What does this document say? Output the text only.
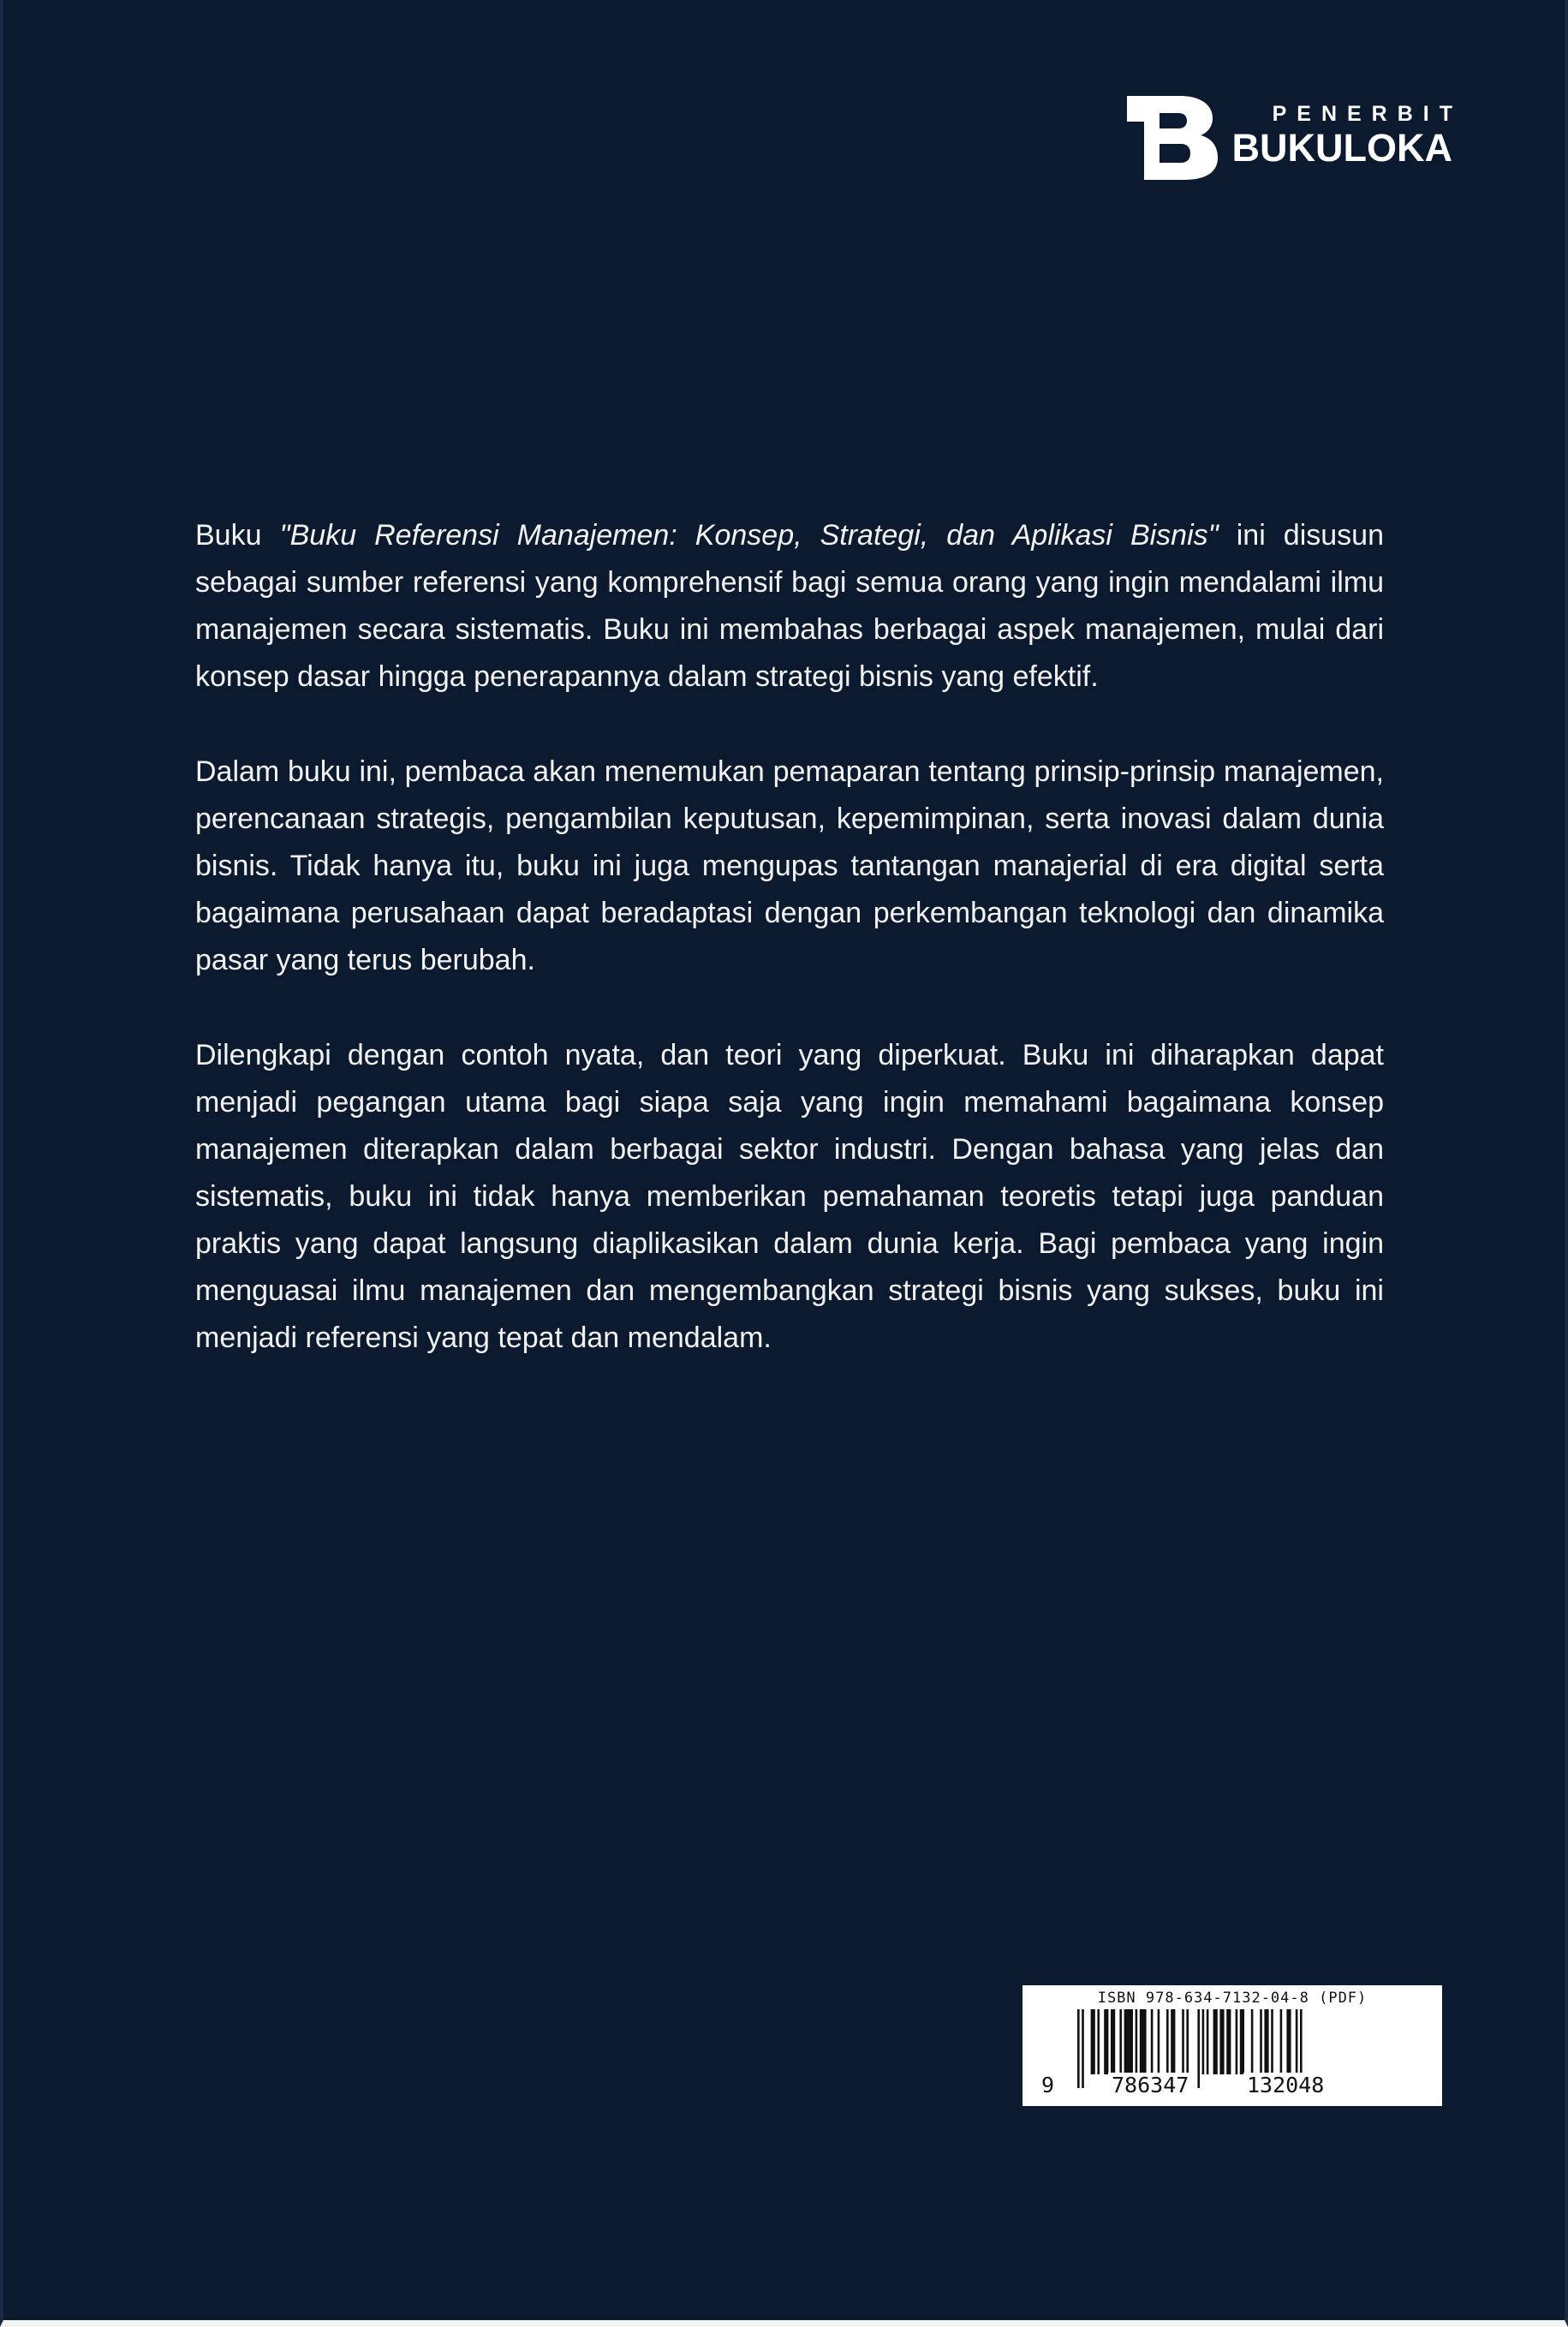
PENERBIT
BUKULOKA

Buku "Buku Referensi Manajemen: Konsep, Strategi, dan Aplikasi Bisnis" ini disusun sebagai sumber referensi yang komprehensif bagi semua orang yang ingin mendalami ilmu manajemen secara sistematis. Buku ini membahas berbagai aspek manajemen, mulai dari konsep dasar hingga penerapannya dalam strategi bisnis yang efektif.

Dalam buku ini, pembaca akan menemukan pemaparan tentang prinsip-prinsip manajemen, perencanaan strategis, pengambilan keputusan, kepemimpinan, serta inovasi dalam dunia bisnis. Tidak hanya itu, buku ini juga mengupas tantangan manajerial di era digital serta bagaimana perusahaan dapat beradaptasi dengan perkembangan teknologi dan dinamika pasar yang terus berubah.

Dilengkapi dengan contoh nyata, dan teori yang diperkuat. Buku ini diharapkan dapat menjadi pegangan utama bagi siapa saja yang ingin memahami bagaimana konsep manajemen diterapkan dalam berbagai sektor industri. Dengan bahasa yang jelas dan sistematis, buku ini tidak hanya memberikan pemahaman teoretis tetapi juga panduan praktis yang dapat langsung diaplikasikan dalam dunia kerja. Bagi pembaca yang ingin menguasai ilmu manajemen dan mengembangkan strategi bisnis yang sukses, buku ini menjadi referensi yang tepat dan mendalam.

ISBN 978-634-7132-04-8 (PDF)
9	786347	132048
